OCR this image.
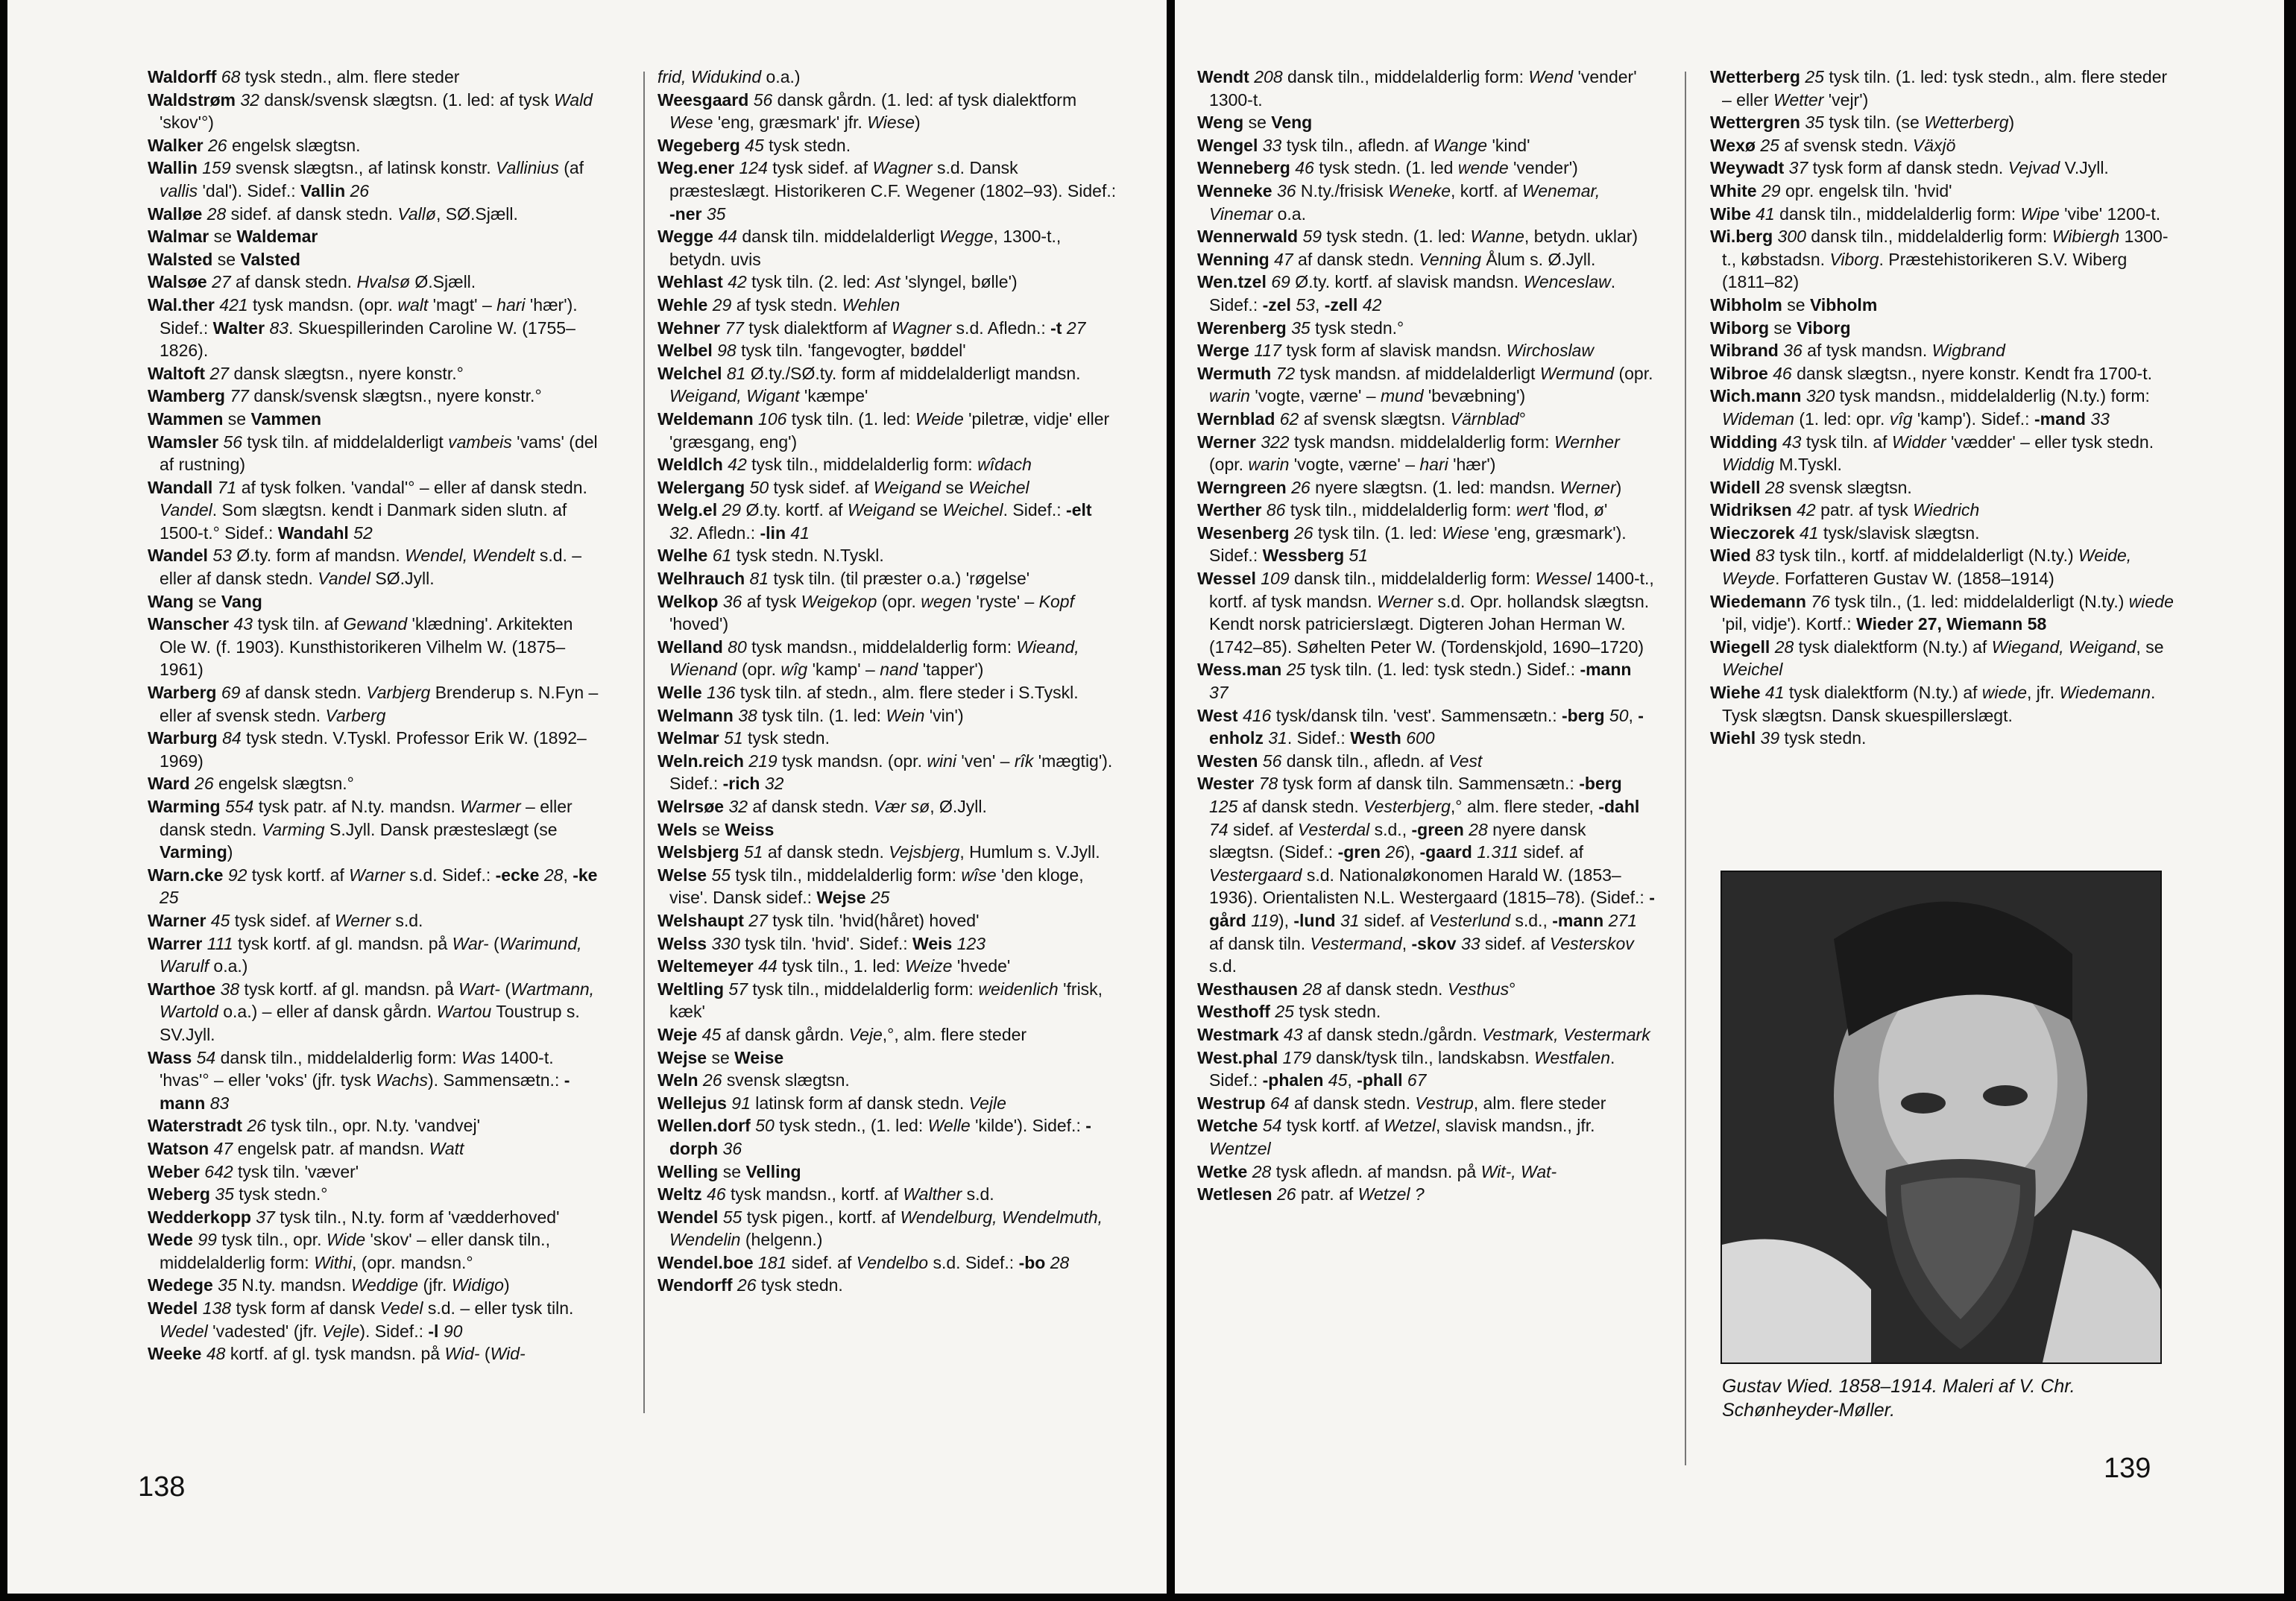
Waldorff 68 tysk stedn., alm. flere steder
Waldstrøm 32 dansk/svensk slægtsn. (1. led: af tysk Wald 'skov'°)
Walker 26 engelsk slægtsn.
Wallin 159 svensk slægtsn., af latinsk konstr. Vallinius (af vallis 'dal'). Sidef.: Vallin 26
Walløe 28 sidef. af dansk stedn. Vallø, SØ.Sjæll.
Walmar se Waldemar
Walsted se Valsted
Walsøe 27 af dansk stedn. Hvalsø Ø.Sjæll.
Wal.ther 421 tysk mandsn. (opr. walt 'magt' – hari 'hær'). Sidef.: Walter 83. Skuespillerinden Caroline W. (1755–1826).
Waltoft 27 dansk slægtsn., nyere konstr.°
Wamberg 77 dansk/svensk slægtsn., nyere konstr.°
Wammen se Vammen
Wamsler 56 tysk tiln. af middelalderligt vambeis 'vams' (del af rustning)
Wandall 71 af tysk folken. 'vandal'° – eller af dansk stedn. Vandel. Som slægtsn. kendt i Danmark siden slutn. af 1500-t.° Sidef.: Wandahl 52
Wandel 53 Ø.ty. form af mandsn. Wendel, Wendelt s.d. – eller af dansk stedn. Vandel SØ.Jyll.
Wang se Vang
Wanscher 43 tysk tiln. af Gewand 'klædning'. Arkitekten Ole W. (f. 1903). Kunsthistorikeren Vilhelm W. (1875–1961)
Warberg 69 af dansk stedn. Varbjerg Brenderup s. N.Fyn – eller af svensk stedn. Varberg
Warburg 84 tysk stedn. V.Tyskl. Professor Erik W. (1892–1969)
Ward 26 engelsk slægtsn.°
Warming 554 tysk patr. af N.ty. mandsn. Warmer – eller dansk stedn. Varming S.Jyll. Dansk præsteslægt (se Varming)
Warn.cke 92 tysk kortf. af Warner s.d. Sidef.: -ecke 28, -ke 25
Warner 45 tysk sidef. af Werner s.d.
Warrer 111 tysk kortf. af gl. mandsn. på War- (Warimund, Warulf o.a.)
Warthoe 38 tysk kortf. af gl. mandsn. på Wart- (Wartmann, Wartold o.a.) – eller af dansk gårdn. Wartou Toustrup s. SV.Jyll.
Wass 54 dansk tiln., middelalderlig form: Was 1400-t. 'hvas'° – eller 'voks' (jfr. tysk Wachs). Sammensætn.: -mann 83
Waterstradt 26 tysk tiln., opr. N.ty. 'vandvej'
Watson 47 engelsk patr. af mandsn. Watt
Weber 642 tysk tiln. 'væver'
Weberg 35 tysk stedn.°
Wedderkopp 37 tysk tiln., N.ty. form af 'vædderhoved'
Wede 99 tysk tiln., opr. Wide 'skov' – eller dansk tiln., middelalderlig form: Withi, (opr. mandsn.°
Wedege 35 N.ty. mandsn. Weddige (jfr. Widigo)
Wedel 138 tysk form af dansk Vedel s.d. – eller tysk tiln. Wedel 'vadested' (jfr. Vejle). Sidef.: -l 90
Weeke 48 kortf. af gl. tysk mandsn. på Wid- (Wid-
frid, Widukind o.a.)
Weesgaard 56 dansk gårdn. (1. led: af tysk dialektform Wese 'eng, græsmark' jfr. Wiese)
Wegeberg 45 tysk stedn.
Weg.ener 124 tysk sidef. af Wagner s.d. Dansk præsteslægt. Historikeren C.F. Wegener (1802–93). Sidef.: -ner 35
Wegge 44 dansk tiln. middelalderligt Wegge, 1300-t., betydn. uvis
Wehlast 42 tysk tiln. (2. led: Ast 'slyngel, bølle')
Wehle 29 af tysk stedn. Wehlen
Wehner 77 tysk dialektform af Wagner s.d. Afledn.: -t 27
Welbel 98 tysk tiln. 'fangevogter, bøddel'
Welchel 81 Ø.ty./SØ.ty. form af middelalderligt mandsn. Weigand, Wigant 'kæmpe'
Weldemann 106 tysk tiln. (1. led: Weide 'piletræ, vidje' eller 'græsgang, eng')
Weldlch 42 tysk tiln., middelalderlig form: wîdach
Welergang 50 tysk sidef. af Weigand se Weichel
Welg.el 29 Ø.ty. kortf. af Weigand se Weichel. Sidef.: -elt 32. Afledn.: -lin 41
Welhe 61 tysk stedn. N.Tyskl.
Welhrauch 81 tysk tiln. (til præster o.a.) 'røgelse'
Welkop 36 af tysk Weigekop (opr. wegen 'ryste' – Kopf 'hoved')
Welland 80 tysk mandsn., middelalderlig form: Wieand, Wienand (opr. wîg 'kamp' – nand 'tapper')
Welle 136 tysk tiln. af stedn., alm. flere steder i S.Tyskl.
Welmann 38 tysk tiln. (1. led: Wein 'vin')
Welmar 51 tysk stedn.
Weln.reich 219 tysk mandsn. (opr. wini 'ven' – rîk 'mægtig'). Sidef.: -rich 32
Welrsøe 32 af dansk stedn. Vær sø, Ø.Jyll.
Wels se Weiss
Welsbjerg 51 af dansk stedn. Vejsbjerg, Humlum s. V.Jyll.
Welse 55 tysk tiln., middelalderlig form: wîse 'den kloge, vise'. Dansk sidef.: Wejse 25
Welshaupt 27 tysk tiln. 'hvid(håret) hoved'
Welss 330 tysk tiln. 'hvid'. Sidef.: Weis 123
Weltemeyer 44 tysk tiln., 1. led: Weize 'hvede'
Weltling 57 tysk tiln., middelalderlig form: weidenlich 'frisk, kæk'
Weje 45 af dansk gårdn. Veje,°, alm. flere steder
Wejse se Weise
Weln 26 svensk slægtsn.
Wellejus 91 latinsk form af dansk stedn. Vejle
Wellen.dorf 50 tysk stedn., (1. led: Welle 'kilde'). Sidef.: -dorph 36
Welling se Velling
Weltz 46 tysk mandsn., kortf. af Walther s.d.
Wendel 55 tysk pigen., kortf. af Wendelburg, Wendelmuth, Wendelin (helgenn.)
Wendel.boe 181 sidef. af Vendelbo s.d. Sidef.: -bo 28
Wendorff 26 tysk stedn.
138
Wendt 208 dansk tiln., middelalderlig form: Wend 'vender' 1300-t.
Weng se Veng
Wengel 33 tysk tiln., afledn. af Wange 'kind'
Wenneberg 46 tysk stedn. (1. led wende 'vender')
Wenneke 36 N.ty./frisisk Weneke, kortf. af Wenemar, Vinemar o.a.
Wennerwald 59 tysk stedn. (1. led: Wanne, betydn. uklar)
Wenning 47 af dansk stedn. Venning Ålum s. Ø.Jyll.
Wen.tzel 69 Ø.ty. kortf. af slavisk mandsn. Wenceslaw. Sidef.: -zel 53, -zell 42
Werenberg 35 tysk stedn.°
Werge 117 tysk form af slavisk mandsn. Wirchoslaw
Wermuth 72 tysk mandsn. af middelalderligt Wermund (opr. warin 'vogte, værne' – mund 'bevæbning')
Wernblad 62 af svensk slægtsn. Värnblad°
Werner 322 tysk mandsn. middelalderlig form: Wernher (opr. warin 'vogte, værne' – hari 'hær')
Werngreen 26 nyere slægtsn. (1. led: mandsn. Werner)
Werther 86 tysk tiln., middelalderlig form: wert 'flod, ø'
Wesenberg 26 tysk tiln. (1. led: Wiese 'eng, græsmark'). Sidef.: Wessberg 51
Wessel 109 dansk tiln., middelalderlig form: Wessel 1400-t., kortf. af tysk mandsn. Werner s.d. Opr. hollandsk slægtsn. Kendt norsk patriciersIægt. Digteren Johan Herman W. (1742–85). Søhelten Peter W. (Tordenskjold, 1690–1720)
Wess.man 25 tysk tiln. (1. led: tysk stedn.) Sidef.: -mann 37
West 416 tysk/dansk tiln. 'vest'. Sammensætn.: -berg 50, -enholz 31. Sidef.: Westh 600
Westen 56 dansk tiln., afledn. af Vest
Wester 78 tysk form af dansk tiln. Sammensætn.: -berg 125 af dansk stedn. Vesterbjerg,° alm. flere steder, -dahl 74 sidef. af Vesterdal s.d., -green 28 nyere dansk slægtsn. (Sidef.: -gren 26), -gaard 1.311 sidef. af Vestergaard s.d. Nationaløkonomen Harald W. (1853–1936). Orientalisten N.L. Westergaard (1815–78). (Sidef.: -gård 119), -lund 31 sidef. af Vesterlund s.d., -mann 271 af dansk tiln. Vestermand, -skov 33 sidef. af Vesterskov s.d.
Westhausen 28 af dansk stedn. Vesthus°
Westhoff 25 tysk stedn.
Westmark 43 af dansk stedn./gårdn. Vestmark, Vestermark
West.phal 179 dansk/tysk tiln., landskabsn. Westfalen. Sidef.: -phalen 45, -phall 67
Westrup 64 af dansk stedn. Vestrup, alm. flere steder
Wetche 54 tysk kortf. af Wetzel, slavisk mandsn., jfr. Wentzel
Wetke 28 tysk afledn. af mandsn. på Wit-, Wat-
Wetlesen 26 patr. af Wetzel ?
Wetterberg 25 tysk tiln. (1. led: tysk stedn., alm. flere steder – eller Wetter 'vejr')
Wettergren 35 tysk tiln. (se Wetterberg)
Wexø 25 af svensk stedn. Växjö
Weywadt 37 tysk form af dansk stedn. Vejvad V.Jyll.
White 29 opr. engelsk tiln. 'hvid'
Wibe 41 dansk tiln., middelalderlig form: Wipe 'vibe' 1200-t.
Wi.berg 300 dansk tiln., middelalderlig form: Wibiergh 1300-t., købstadsn. Viborg. Præstehistorikeren S.V. Wiberg (1811–82)
Wibholm se Vibholm
Wiborg se Viborg
Wibrand 36 af tysk mandsn. Wigbrand
Wibroe 46 dansk slægtsn., nyere konstr. Kendt fra 1700-t.
Wich.mann 320 tysk mandsn., middelalderlig (N.ty.) form: Wideman (1. led: opr. vîg 'kamp'). Sidef.: -mand 33
Widding 43 tysk tiln. af Widder 'vædder' – eller tysk stedn. Widdig M.Tyskl.
Widell 28 svensk slægtsn.
Widriksen 42 patr. af tysk Wiedrich
Wieczorek 41 tysk/slavisk slægtsn.
Wied 83 tysk tiln., kortf. af middelalderligt (N.ty.) Weide, Weyde. Forfatteren Gustav W. (1858–1914)
Wiedemann 76 tysk tiln., (1. led: middelalderligt (N.ty.) wiede 'pil, vidje'). Kortf.: Wieder 27, Wiemann 58
Wiegell 28 tysk dialektform (N.ty.) af Wiegand, Weigand, se Weichel
Wiehe 41 tysk dialektform (N.ty.) af wiede, jfr. Wiedemann. Tysk slægtsn. Dansk skuespillerslægt.
Wiehl 39 tysk stedn.
Gustav Wied. 1858–1914. Maleri af V. Chr. Schønheyder-Møller.
139
